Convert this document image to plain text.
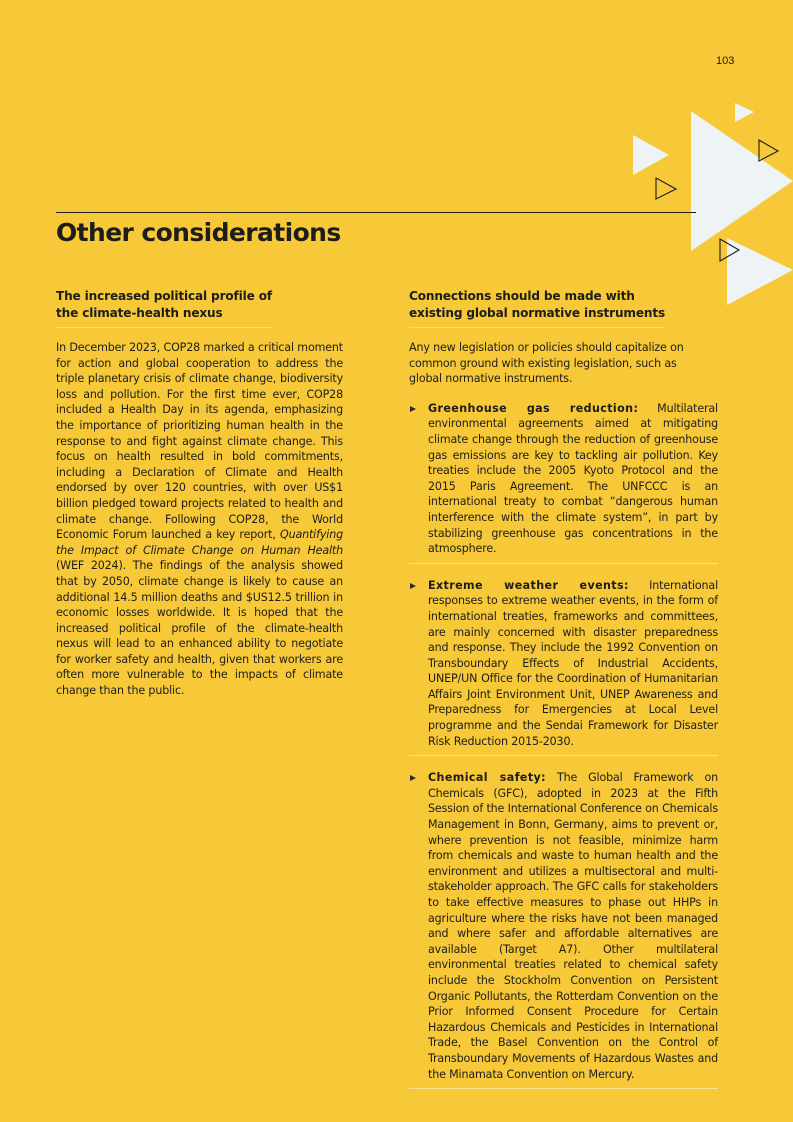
103
Other considerations
The increased political profile of
the climate-health nexus

In December 2023, COP28 marked a critical moment for action and global cooperation to address the triple planetary crisis of climate change, biodiversity loss and pollution. For the first time ever, COP28 included a Health Day in its agenda, emphasizing the importance of prioritizing human health in the response to and fight against climate change. This focus on health resulted in bold commitments, including a Declaration of Climate and Health endorsed by over 120 countries, with over US$1 billion pledged toward projects related to health and climate change. Following COP28, the World Economic Forum launched a key report, Quantifying the Impact of Climate Change on Human Health (WEF 2024). The findings of the analysis showed that by 2050, climate change is likely to cause an additional 14.5 million deaths and $US12.5 trillion in economic losses worldwide. It is hoped that the increased political profile of the climate-health nexus will lead to an enhanced ability to negotiate for worker safety and health, given that workers are often more vulnerable to the impacts of climate change than the public.

Connections should be made with
existing global normative instruments

Any new legislation or policies should capitalize on common ground with existing legislation, such as global normative instruments.

Greenhouse gas reduction: Multilateral environmental agreements aimed at mitigating climate change through the reduction of greenhouse gas emissions are key to tackling air pollution. Key treaties include the 2005 Kyoto Protocol and the 2015 Paris Agreement. The UNFCCC is an international treaty to combat “dangerous human interference with the climate system”, in part by stabilizing greenhouse gas concentrations in the atmosphere.
Extreme weather events: International responses to extreme weather events, in the form of international treaties, frameworks and committees, are mainly concerned with disaster preparedness and response. They include the 1992 Convention on Transboundary Effects of Industrial Accidents, UNEP/UN Office for the Coordination of Humanitarian Affairs Joint Environment Unit, UNEP Awareness and Preparedness for Emergencies at Local Level programme and the Sendai Framework for Disaster Risk Reduction 2015-2030.
Chemical safety: The Global Framework on Chemicals (GFC), adopted in 2023 at the Fifth Session of the International Conference on Chemicals Management in Bonn, Germany, aims to prevent or, where prevention is not feasible, minimize harm from chemicals and waste to human health and the environment and utilizes a multisectoral and multi-stakeholder approach. The GFC calls for stakeholders to take effective measures to phase out HHPs in agriculture where the risks have not been managed and where safer and affordable alternatives are available (Target A7). Other multilateral environmental treaties related to chemical safety include the Stockholm Convention on Persistent Organic Pollutants, the Rotterdam Convention on the Prior Informed Consent Procedure for Certain Hazardous Chemicals and Pesticides in International Trade, the Basel Convention on the Control of Transboundary Movements of Hazardous Wastes and the Minamata Convention on Mercury.
